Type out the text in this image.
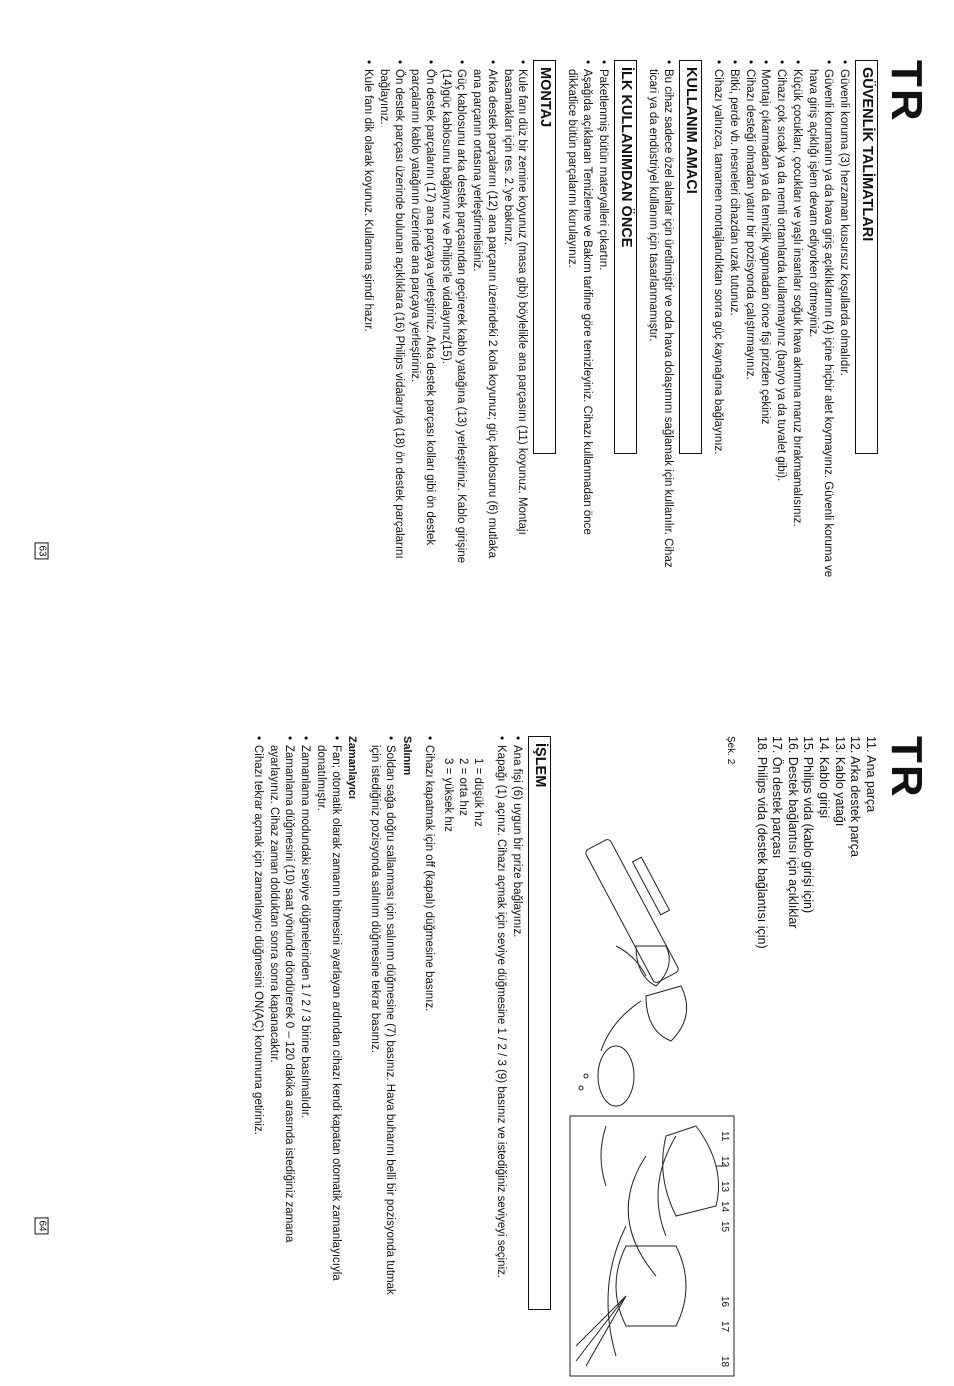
TR
GÜVENLİK TALİMATLARI
• Güvenli koruma (3) herzaman kusursuz koşullarda olmalıdır.
• Güvenli korumanın ya da hava giriş açıklıklarının (4) içine hiçbir alet koymayınız. Güvenli koruma ve hava giriş açıklığı işlem devam ediyorken örtmeyiniz.
• Küçük çocukları, çocukları ve yaşlı insanları soğuk hava akımına maruz bırakmamalısınız.
• Cihazı çok sıcak ya da nemli ortamlarda kullanmayınız (banyo ya da tuvalet gibi).
• Montajı çıkarmadan ya da temizlik yapmadan önce fişi prizden çekiniz
• Cihazı desteği olmadan yatırır bir pozisyonda çalıştırmayınız.
• Bitki, perde vb. nesneleri cihazdan uzak tutunuz.
• Cihazı yalnızca, tamamen montajlandıktan sonra güç kaynağına bağlayınız.
KULLANIM AMACI
• Bu cihaz sadece özel alanlar için üretilmiştir ve oda hava dolaşımını sağlamak için kullanılır. Cihaz ticari ya da endüstriyel kullanım için tasarlanmamıştır.
İLK KULLANIMDAN ÖNCE
• Paketlenmiş bütün materyalleri çıkartın.
• Aşağıda açıklanan Temizleme ve Bakım tarifine göre temizleyiniz. Cihazı kullanmadan önce dikkatlice bütün parçalarını kurulayınız.
MONTAJ
• Kule fanı düz bir zemine koyunuz (masa gibi) böylelikle ana parçasını (11) koyunuz. Montajı basamakları için res. 2.'ye bakınız.
• Arka destek parçalarını (12) ana parçanın üzerindeki 2 kola koyunuz; güç kablosunu (6) mutlaka ana parçanın ortasına yerleştirmelisiniz.
• Güç kablosunu arka destek parçasından geçirerek kablo yatağına (13) yerleştiriniz. Kablo girişine (14)güç kablosunu bağlayınız ve Philips'le vidalayınız(15).
• Ön destek parçalarını (17) ana parçaya yerleştiriniz. Arka destek parçası kolları gibi ön destek parçalarını kablo yatağının üzerinde ana parçaya yerleştiriniz.
• Ön destek parçası üzerinde bulunan açıklıklara (16) Philips vidalarıyla (18) ön destek parçalarını bağlayınız.
• Kule fanı dik olarak koyunuz. Kullanıma şimdi hazır.
63
TR
11. Ana parça
12. Arka destek parça
13. Kablo yatağı
14. Kablo girişi
15. Philips vida (kablo girişi için)
16. Destek bağlantısı için açıklıklar
17. Ön destek parçası
18. Philips vida (destek bağlantısı için)
İŞLEM
• Ana fişi (6) uygun bir prize bağlayınız.
• Kapağı (1) açınız. Cihazı açmak için seviye düğmesine 1 / 2 / 3 (9) basınız ve istediğiniz seviyeyi seçiniz.
1 = düşük hız
2 = orta hız
3 = yüksek hız
• Cihazı kapatmak için off (kapalı) düğmesine basınız.
Salınım
• Soldan sağa doğru sallanması için salınım düğmesine (7) basınız. Hava buharını belli bir pozisyonda tutmak için istediğiniz pozisyonda salınım düğmesine tekrar basınız.
Zamanlayıcı
• Fan; otomatik olarak zamanın bitmesini ayarlayan ardından cihazı kendi kapatan otomatik zamanlayıcıyla donatılmıştır.
• Zamanlama modundaki seviye düğmelerinden 1 / 2 / 3 birine basılmalıdır.
• Zamanlama düğmesini (10) saat yönünde döndürerek 0 – 120 dakika arasında istediğiniz zamana ayarlayınız. Cihaz zaman dolduktan sonra sonra kapanacaktır.
• Cihazı tekrar açmak için zamanlayıcı düğmesini ON(AÇ) konumuna getiriniz.	Şek. 2
11
12
13
14
15
16
17
18
64
